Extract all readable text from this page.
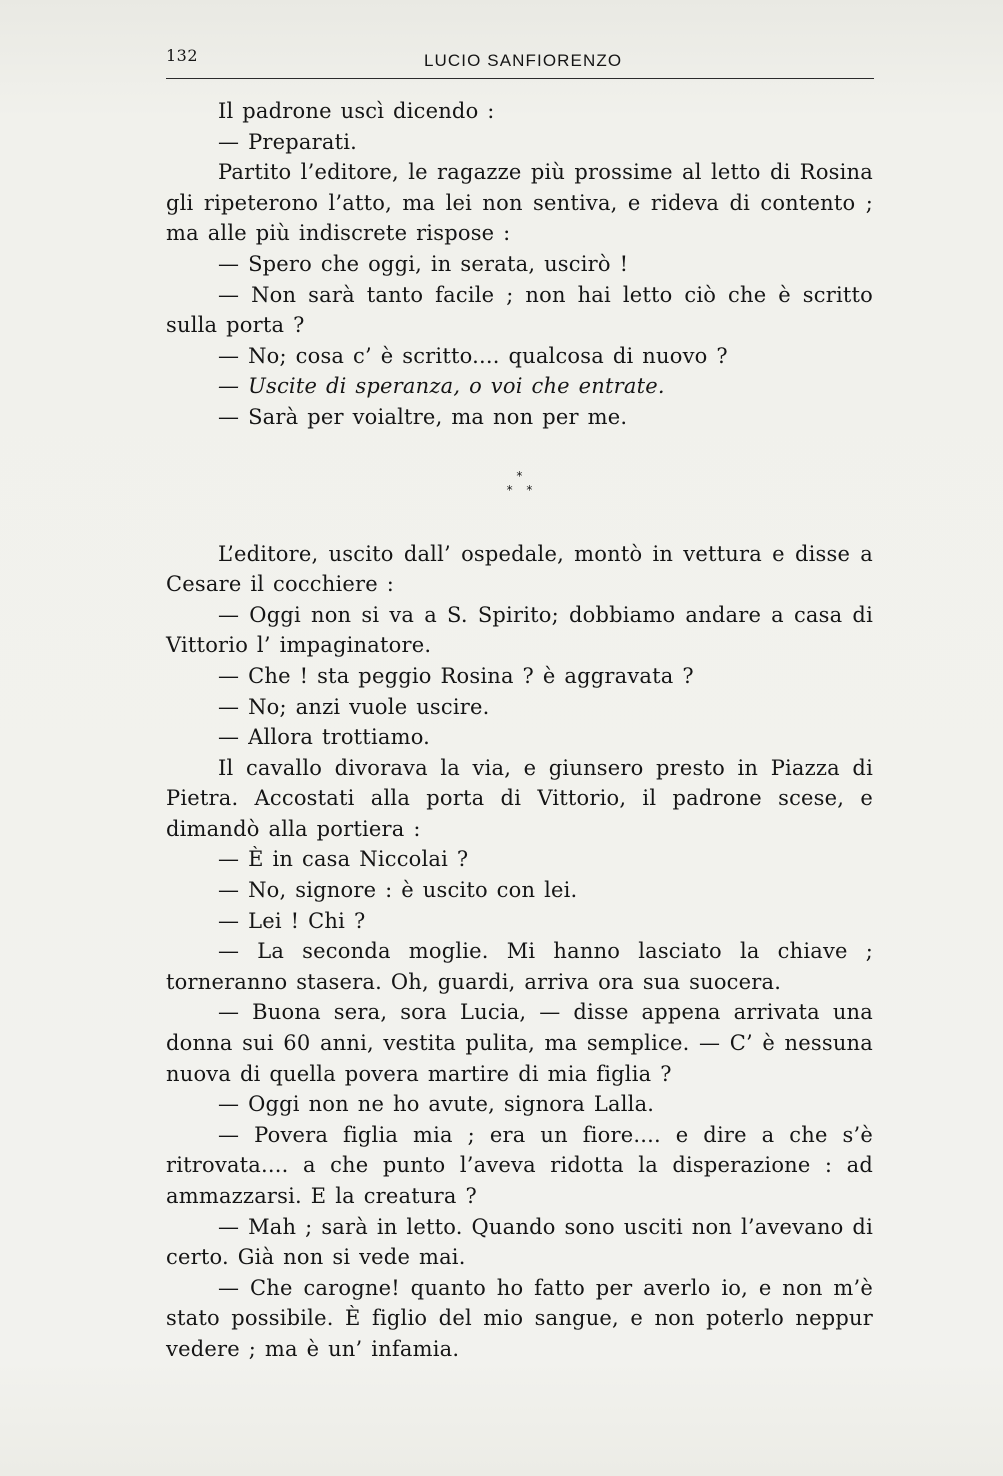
132	LUCIO SANFIORENZO

Il padrone uscì dicendo :

— Preparati.

Partito l’editore, le ragazze più prossime al letto di Rosina gli ripeterono l’atto, ma lei non sentiva, e rideva di contento ; ma alle più indiscrete rispose :

— Spero che oggi, in serata, uscirò !

— Non sarà tanto facile ; non hai letto ciò che è scritto sulla porta ?

— No; cosa c’ è scritto.... qualcosa di nuovo ?

— Uscite di speranza, o voi che entrate.

— Sarà per voialtre, ma non per me.

*
* *

L’editore, uscito dall’ ospedale, montò in vettura e disse a Cesare il cocchiere :

— Oggi non si va a S. Spirito; dobbiamo andare a casa di Vittorio l’ impaginatore.

— Che ! sta peggio Rosina ? è aggravata ?

— No; anzi vuole uscire.

— Allora trottiamo.

Il cavallo divorava la via, e giunsero presto in Piazza di Pietra. Accostati alla porta di Vittorio, il padrone scese, e dimandò alla portiera :

— È in casa Niccolai ?

— No, signore : è uscito con lei.

— Lei ! Chi ?

— La seconda moglie. Mi hanno lasciato la chiave ; torneranno stasera. Oh, guardi, arriva ora sua suocera.

— Buona sera, sora Lucia, — disse appena arrivata una donna sui 60 anni, vestita pulita, ma semplice. — C’ è nessuna nuova di quella povera martire di mia figlia ?

— Oggi non ne ho avute, signora Lalla.

— Povera figlia mia ; era un fiore.... e dire a che s’è ritrovata.... a che punto l’aveva ridotta la disperazione : ad ammazzarsi. E la creatura ?

— Mah ; sarà in letto. Quando sono usciti non l’avevano di certo. Già non si vede mai.

— Che carogne! quanto ho fatto per averlo io, e non m’è stato possibile. È figlio del mio sangue, e non poterlo neppur vedere ; ma è un’ infamia.
